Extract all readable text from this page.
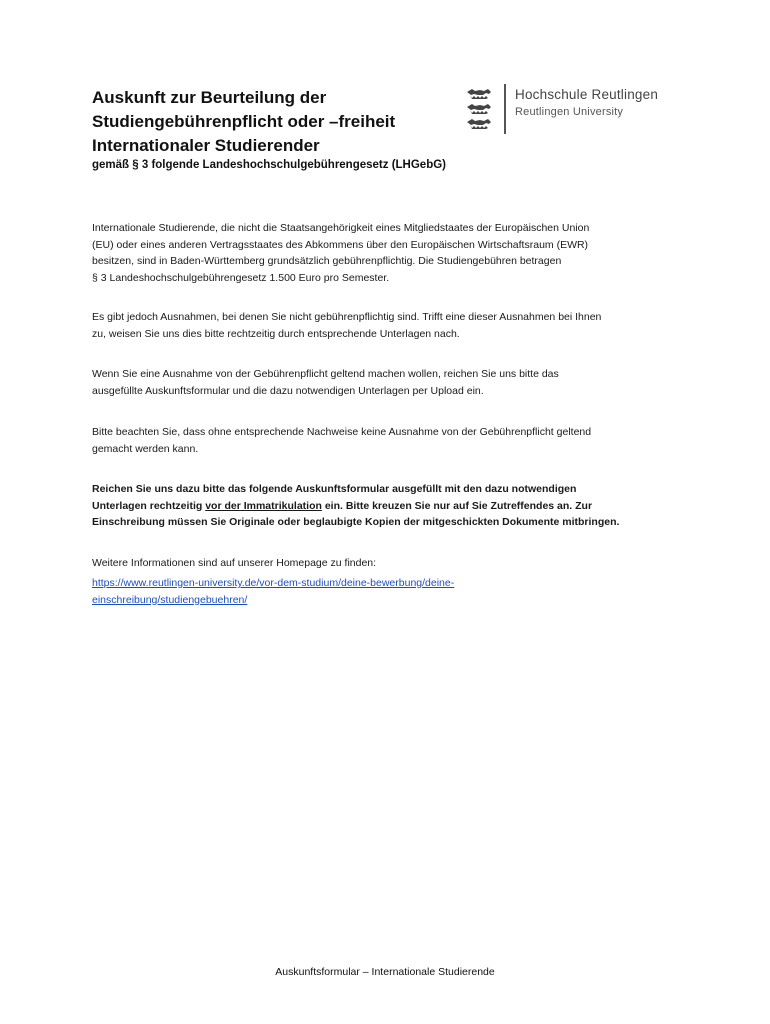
Auskunft zur Beurteilung der
Studiengebührenpflicht oder –freiheit
Internationaler Studierender
gemäß § 3 folgende Landeshochschulgebührengesetz (LHGebG)
Hochschule Reutlingen
Reutlingen University
Internationale Studierende, die nicht die Staatsangehörigkeit eines Mitgliedstaates der Europäischen Union
(EU) oder eines anderen Vertragsstaates des Abkommens über den Europäischen Wirtschaftsraum (EWR)
besitzen, sind in Baden-Württemberg grundsätzlich gebührenpflichtig. Die Studiengebühren betragen
§ 3 Landeshochschulgebührengesetz 1.500 Euro pro Semester.
Es gibt jedoch Ausnahmen, bei denen Sie nicht gebührenpflichtig sind. Trifft eine dieser Ausnahmen bei Ihnen
zu, weisen Sie uns dies bitte rechtzeitig durch entsprechende Unterlagen nach.
Wenn Sie eine Ausnahme von der Gebührenpflicht geltend machen wollen, reichen Sie uns bitte das
ausgefüllte Auskunftsformular und die dazu notwendigen Unterlagen per Upload ein.
Bitte beachten Sie, dass ohne entsprechende Nachweise keine Ausnahme von der Gebührenpflicht geltend
gemacht werden kann.
Reichen Sie uns dazu bitte das folgende Auskunftsformular ausgefüllt mit den dazu notwendigen
Unterlagen rechtzeitig vor der Immatrikulation ein. Bitte kreuzen Sie nur auf Sie Zutreffendes an. Zur
Einschreibung müssen Sie Originale oder beglaubigte Kopien der mitgeschickten Dokumente mitbringen.
Weitere Informationen sind auf unserer Homepage zu finden:
https://www.reutlingen-university.de/vor-dem-studium/deine-bewerbung/deine-
einschreibung/studiengebuehren/
Auskunftsformular – Internationale Studierende
